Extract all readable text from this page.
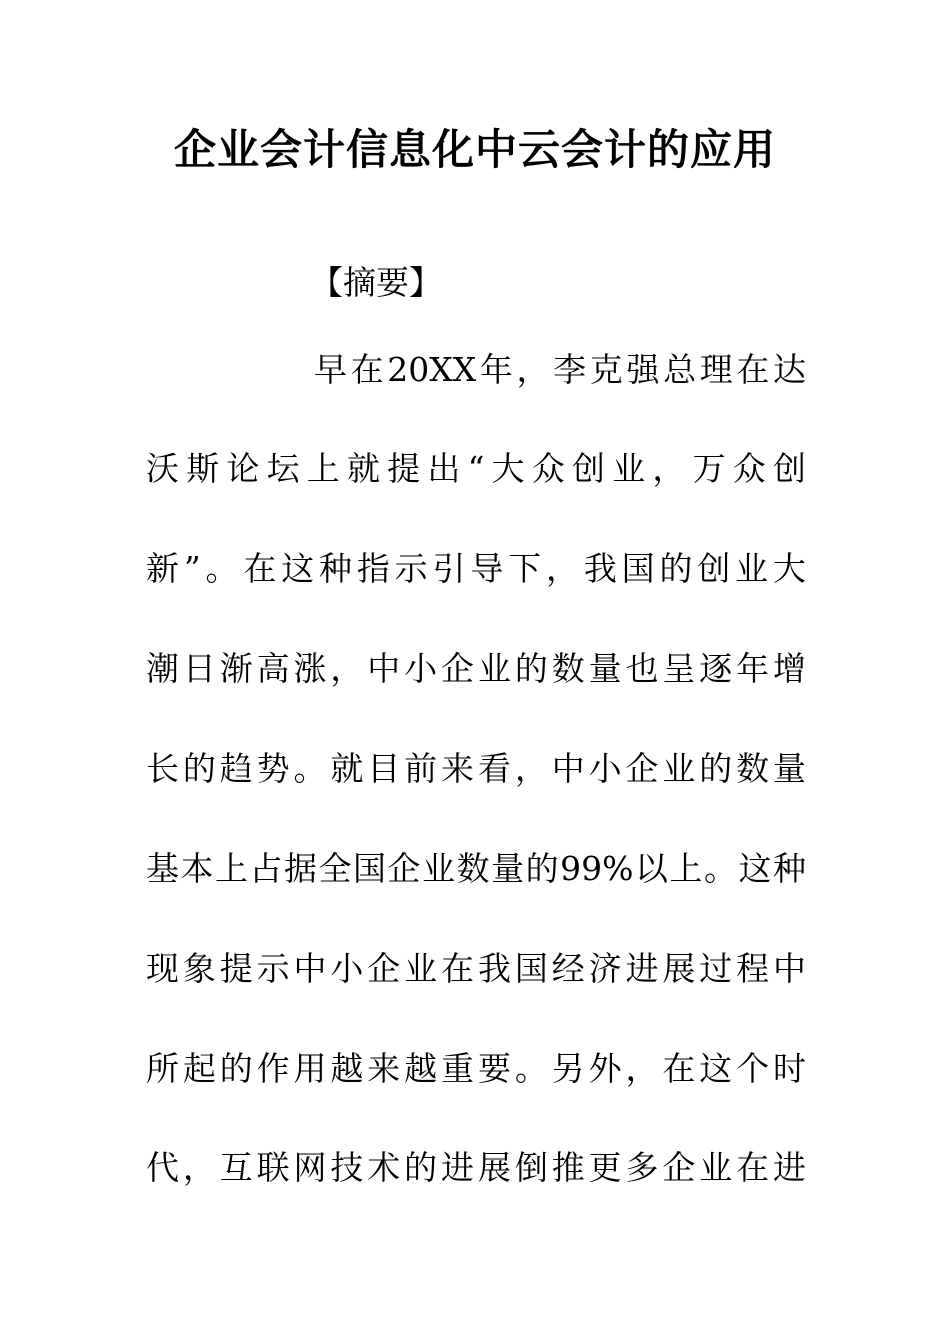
企业会计信息化中云会计的应用
【摘要】
早在20XX年，李克强总理在达
沃斯论坛上就提出“大众创业，万众创
新”。在这种指示引导下，我国的创业大
潮日渐高涨，中小企业的数量也呈逐年增
长的趋势。就目前来看，中小企业的数量
基本上占据全国企业数量的99%以上。这种
现象提示中小企业在我国经济进展过程中
所起的作用越来越重要。另外，在这个时
代，互联网技术的进展倒推更多企业在进
